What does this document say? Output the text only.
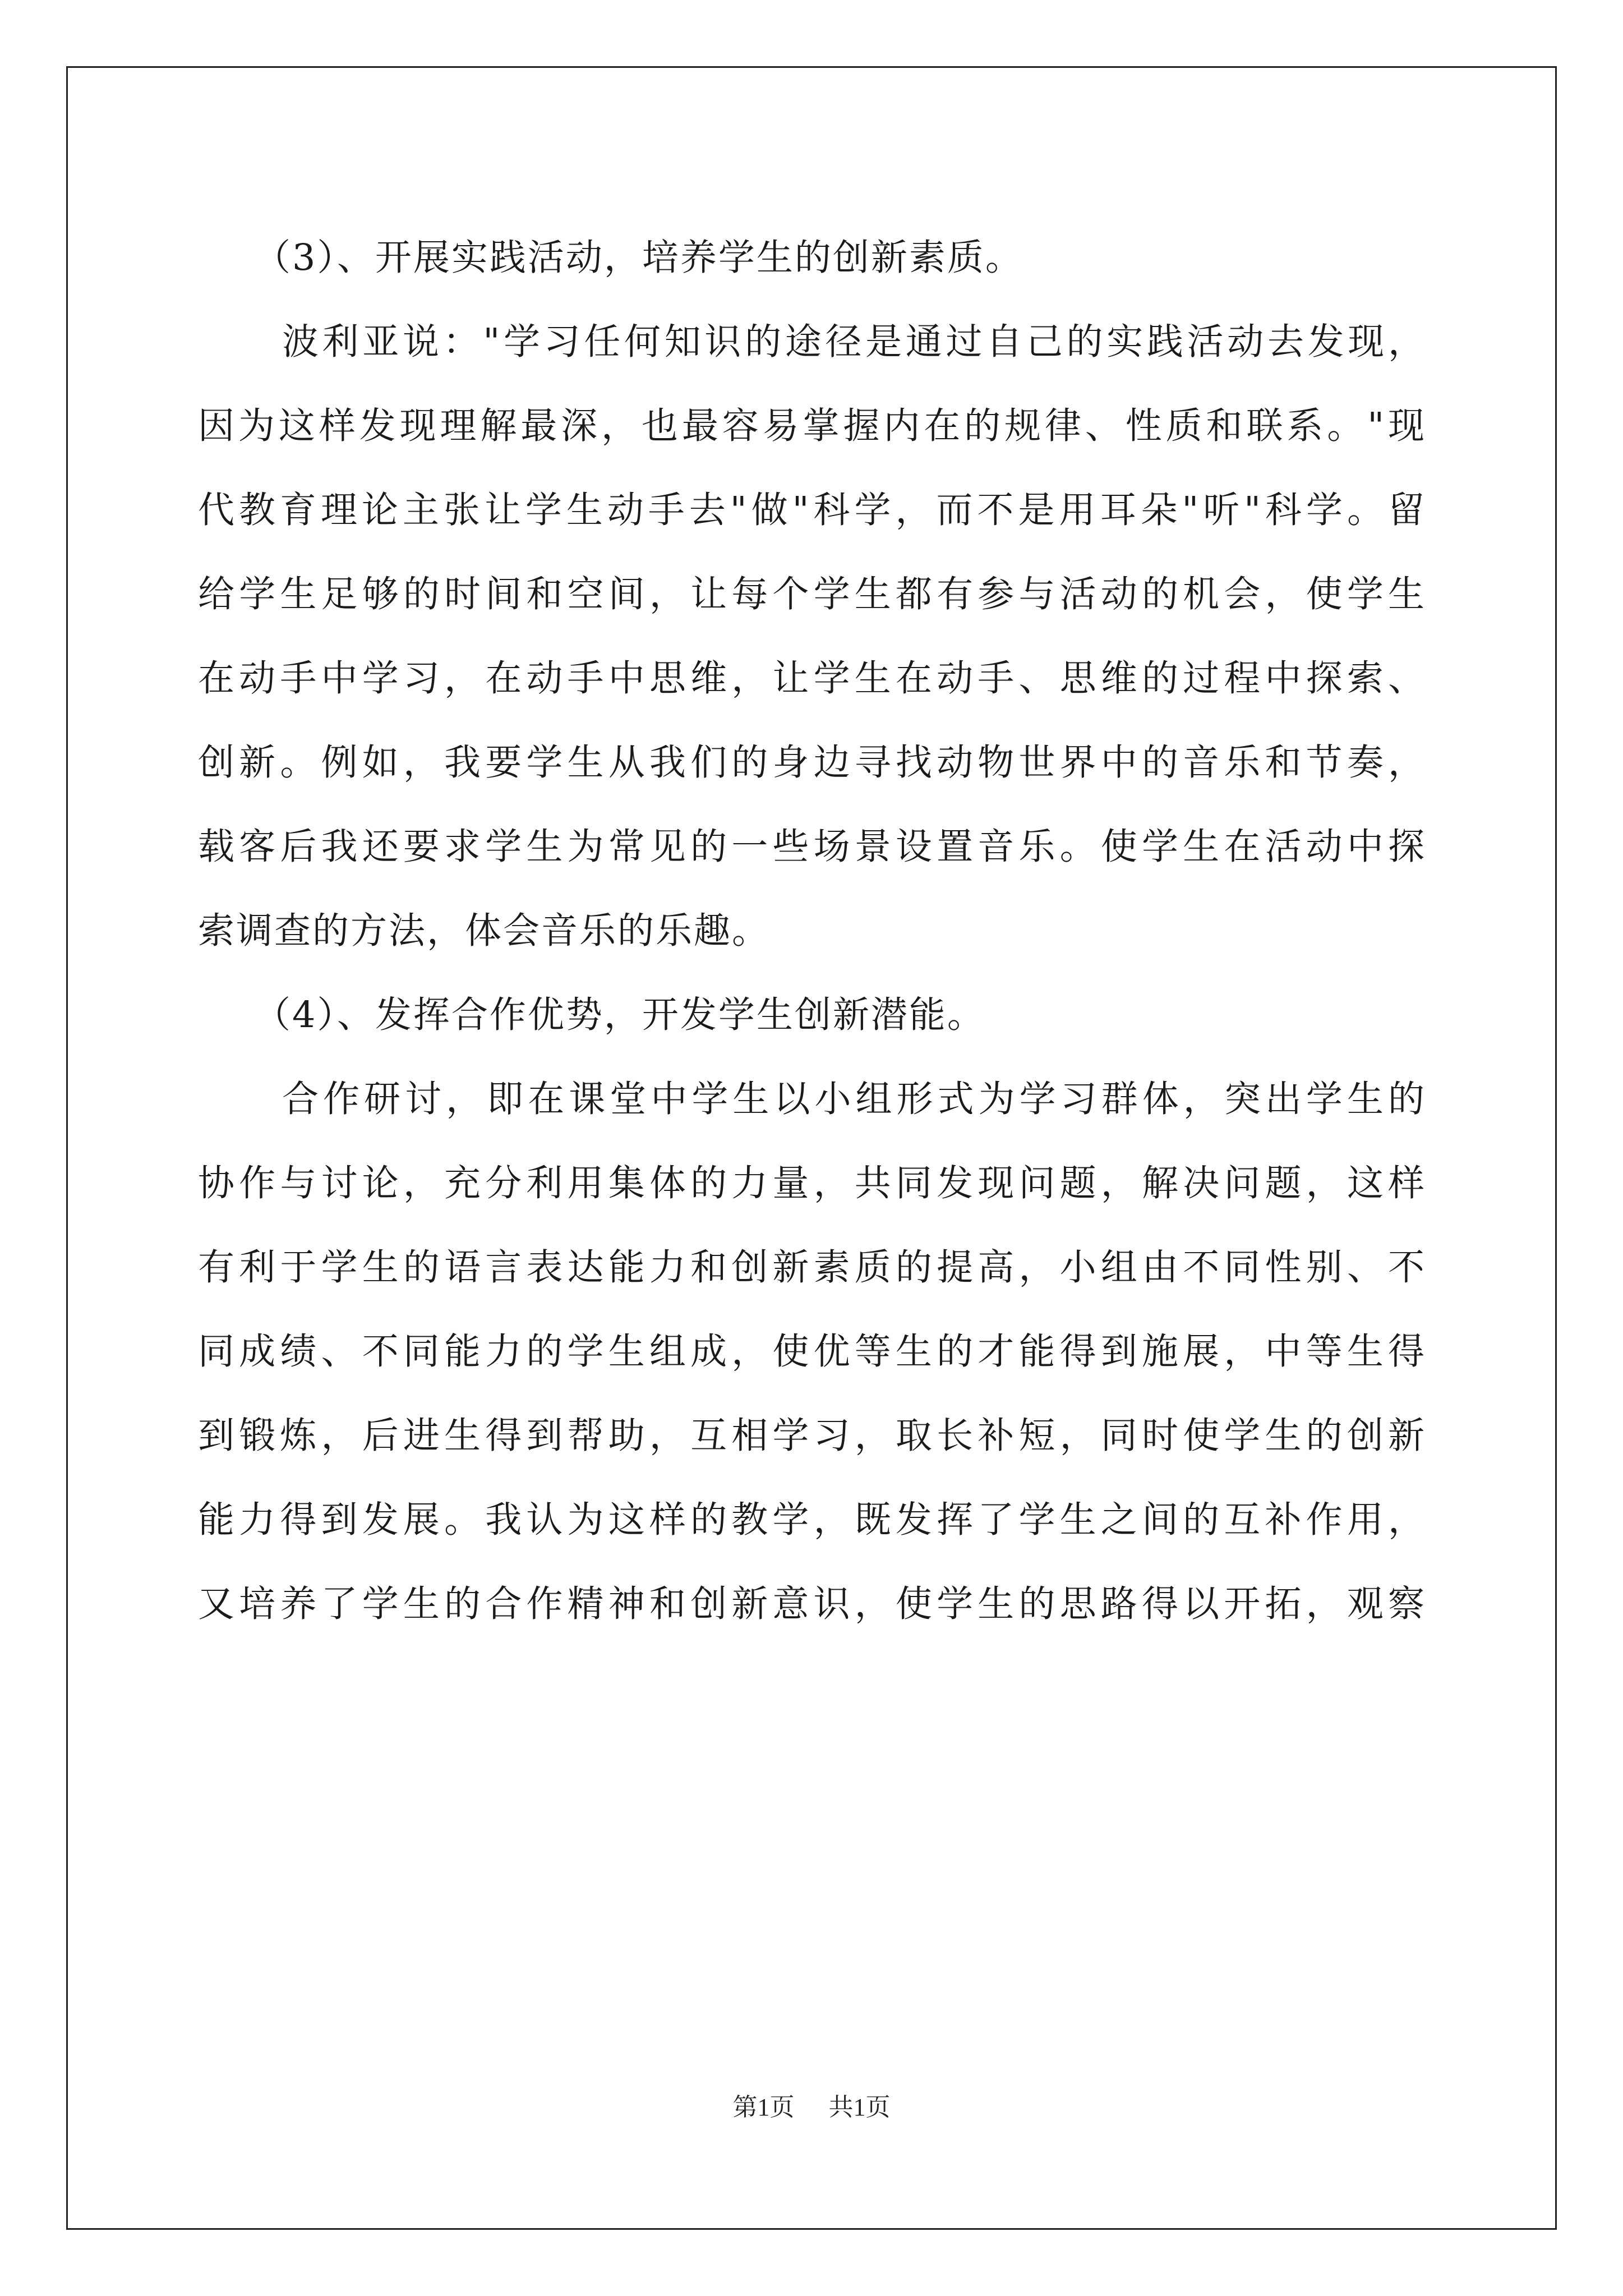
（3）、开展实践活动，培养学生的创新素质。
波利亚说："学习任何知识的途径是通过自己的实践活动去发现，
因为这样发现理解最深，也最容易掌握内在的规律、性质和联系。"现
代教育理论主张让学生动手去"做"科学，而不是用耳朵"听"科学。留
给学生足够的时间和空间，让每个学生都有参与活动的机会，使学生
在动手中学习，在动手中思维，让学生在动手、思维的过程中探索、
创新。例如，我要学生从我们的身边寻找动物世界中的音乐和节奏，
载客后我还要求学生为常见的一些场景设置音乐。使学生在活动中探
索调查的方法，体会音乐的乐趣。
（4）、发挥合作优势，开发学生创新潜能。
合作研讨，即在课堂中学生以小组形式为学习群体，突出学生的
协作与讨论，充分利用集体的力量，共同发现问题，解决问题，这样
有利于学生的语言表达能力和创新素质的提高，小组由不同性别、不
同成绩、不同能力的学生组成，使优等生的才能得到施展，中等生得
到锻炼，后进生得到帮助，互相学习，取长补短，同时使学生的创新
能力得到发展。我认为这样的教学，既发挥了学生之间的互补作用，
又培养了学生的合作精神和创新意识，使学生的思路得以开拓，观察
第1页 共1页
